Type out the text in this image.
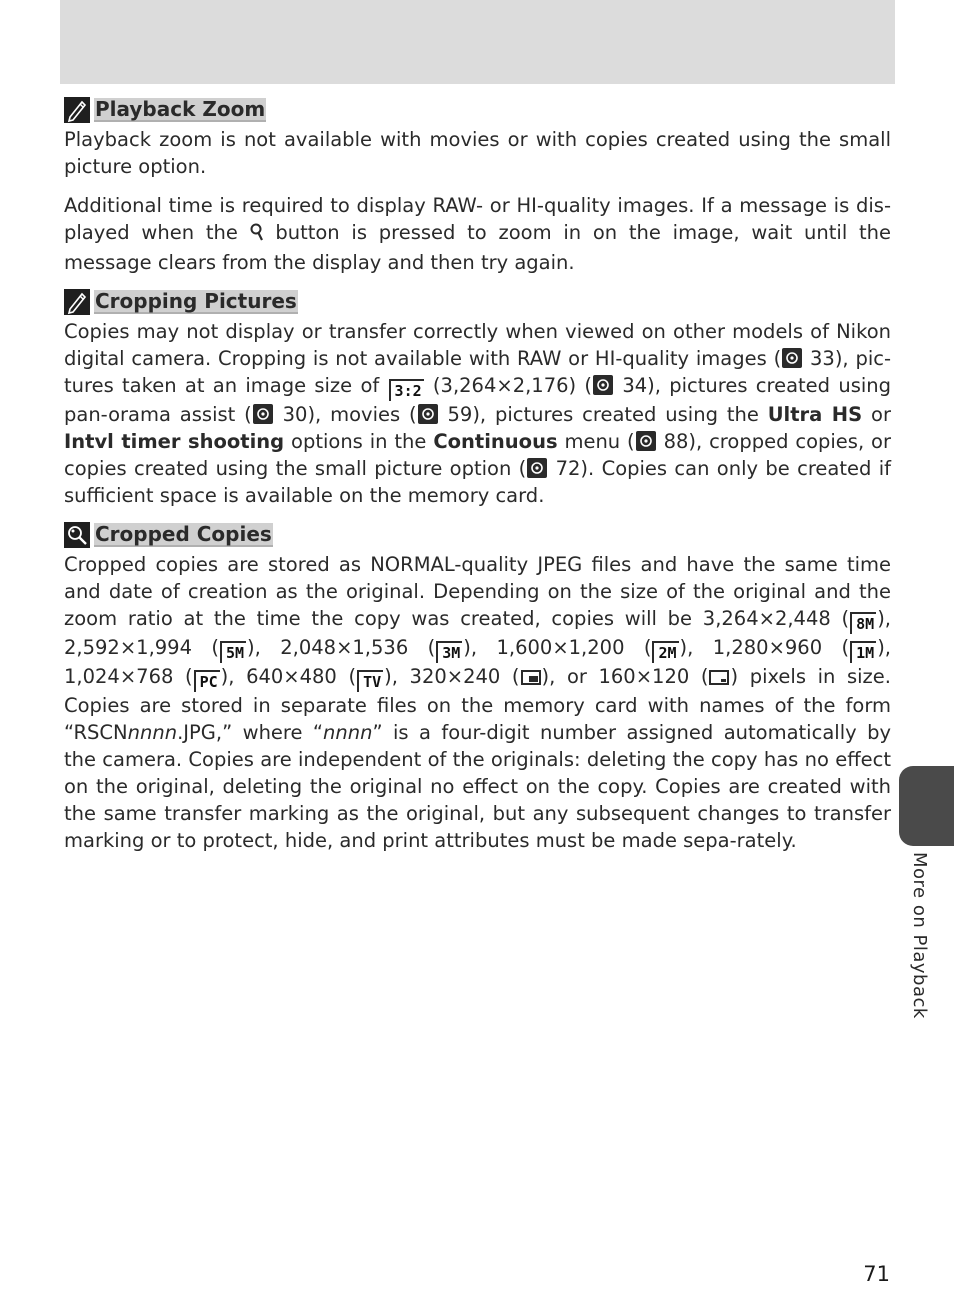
Playback Zoom

Playback zoom is not available with movies or with copies created using the small picture option.

Additional time is required to display RAW- or HI-quality images. If a message is dis-played when the  button is pressed to zoom in on the image, wait until the message clears from the display and then try again.

Cropping Pictures

Copies may not display or transfer correctly when viewed on other models of Nikon digital camera. Cropping is not available with RAW or HI-quality images (
33), pic-tures taken at an image size of 3:2 (3,264×2,176) (
34), pictures created using pan-orama assist (
30), movies (
59), pictures created using the Ultra HS or Intvl timer shooting options in the Continuous menu (
88), cropped copies, or copies created using the small picture option (
72). Copies can only be created if sufficient space is available on the memory card.

Cropped Copies

Cropped copies are stored as NORMAL-quality JPEG files and have the same time and date of creation as the original. Depending on the size of the original and the zoom ratio at the time the copy was created, copies will be 3,264×2,448 ( 8M ), 2,592×1,994 ( 5M ), 2,048×1,536 ( 3M ), 1,600×1,200 ( 2M ), 1,280×960 ( 1M ), 1,024×768 ( PC ), 640×480 ( TV ), 320×240 ( ), or 160×120 ( ) pixels in size. Copies are stored in separate files on the memory card with names of the form “RSCNnnnn.JPG,” where “nnnn” is a four-digit number assigned automatically by the camera. Copies are independent of the originals: deleting the copy has no effect on the original, deleting the original no effect on the copy. Copies are created with the same transfer marking as the original, but any subsequent changes to transfer marking or to protect, hide, and print attributes must be made sepa-rately.

More on Playback
71
